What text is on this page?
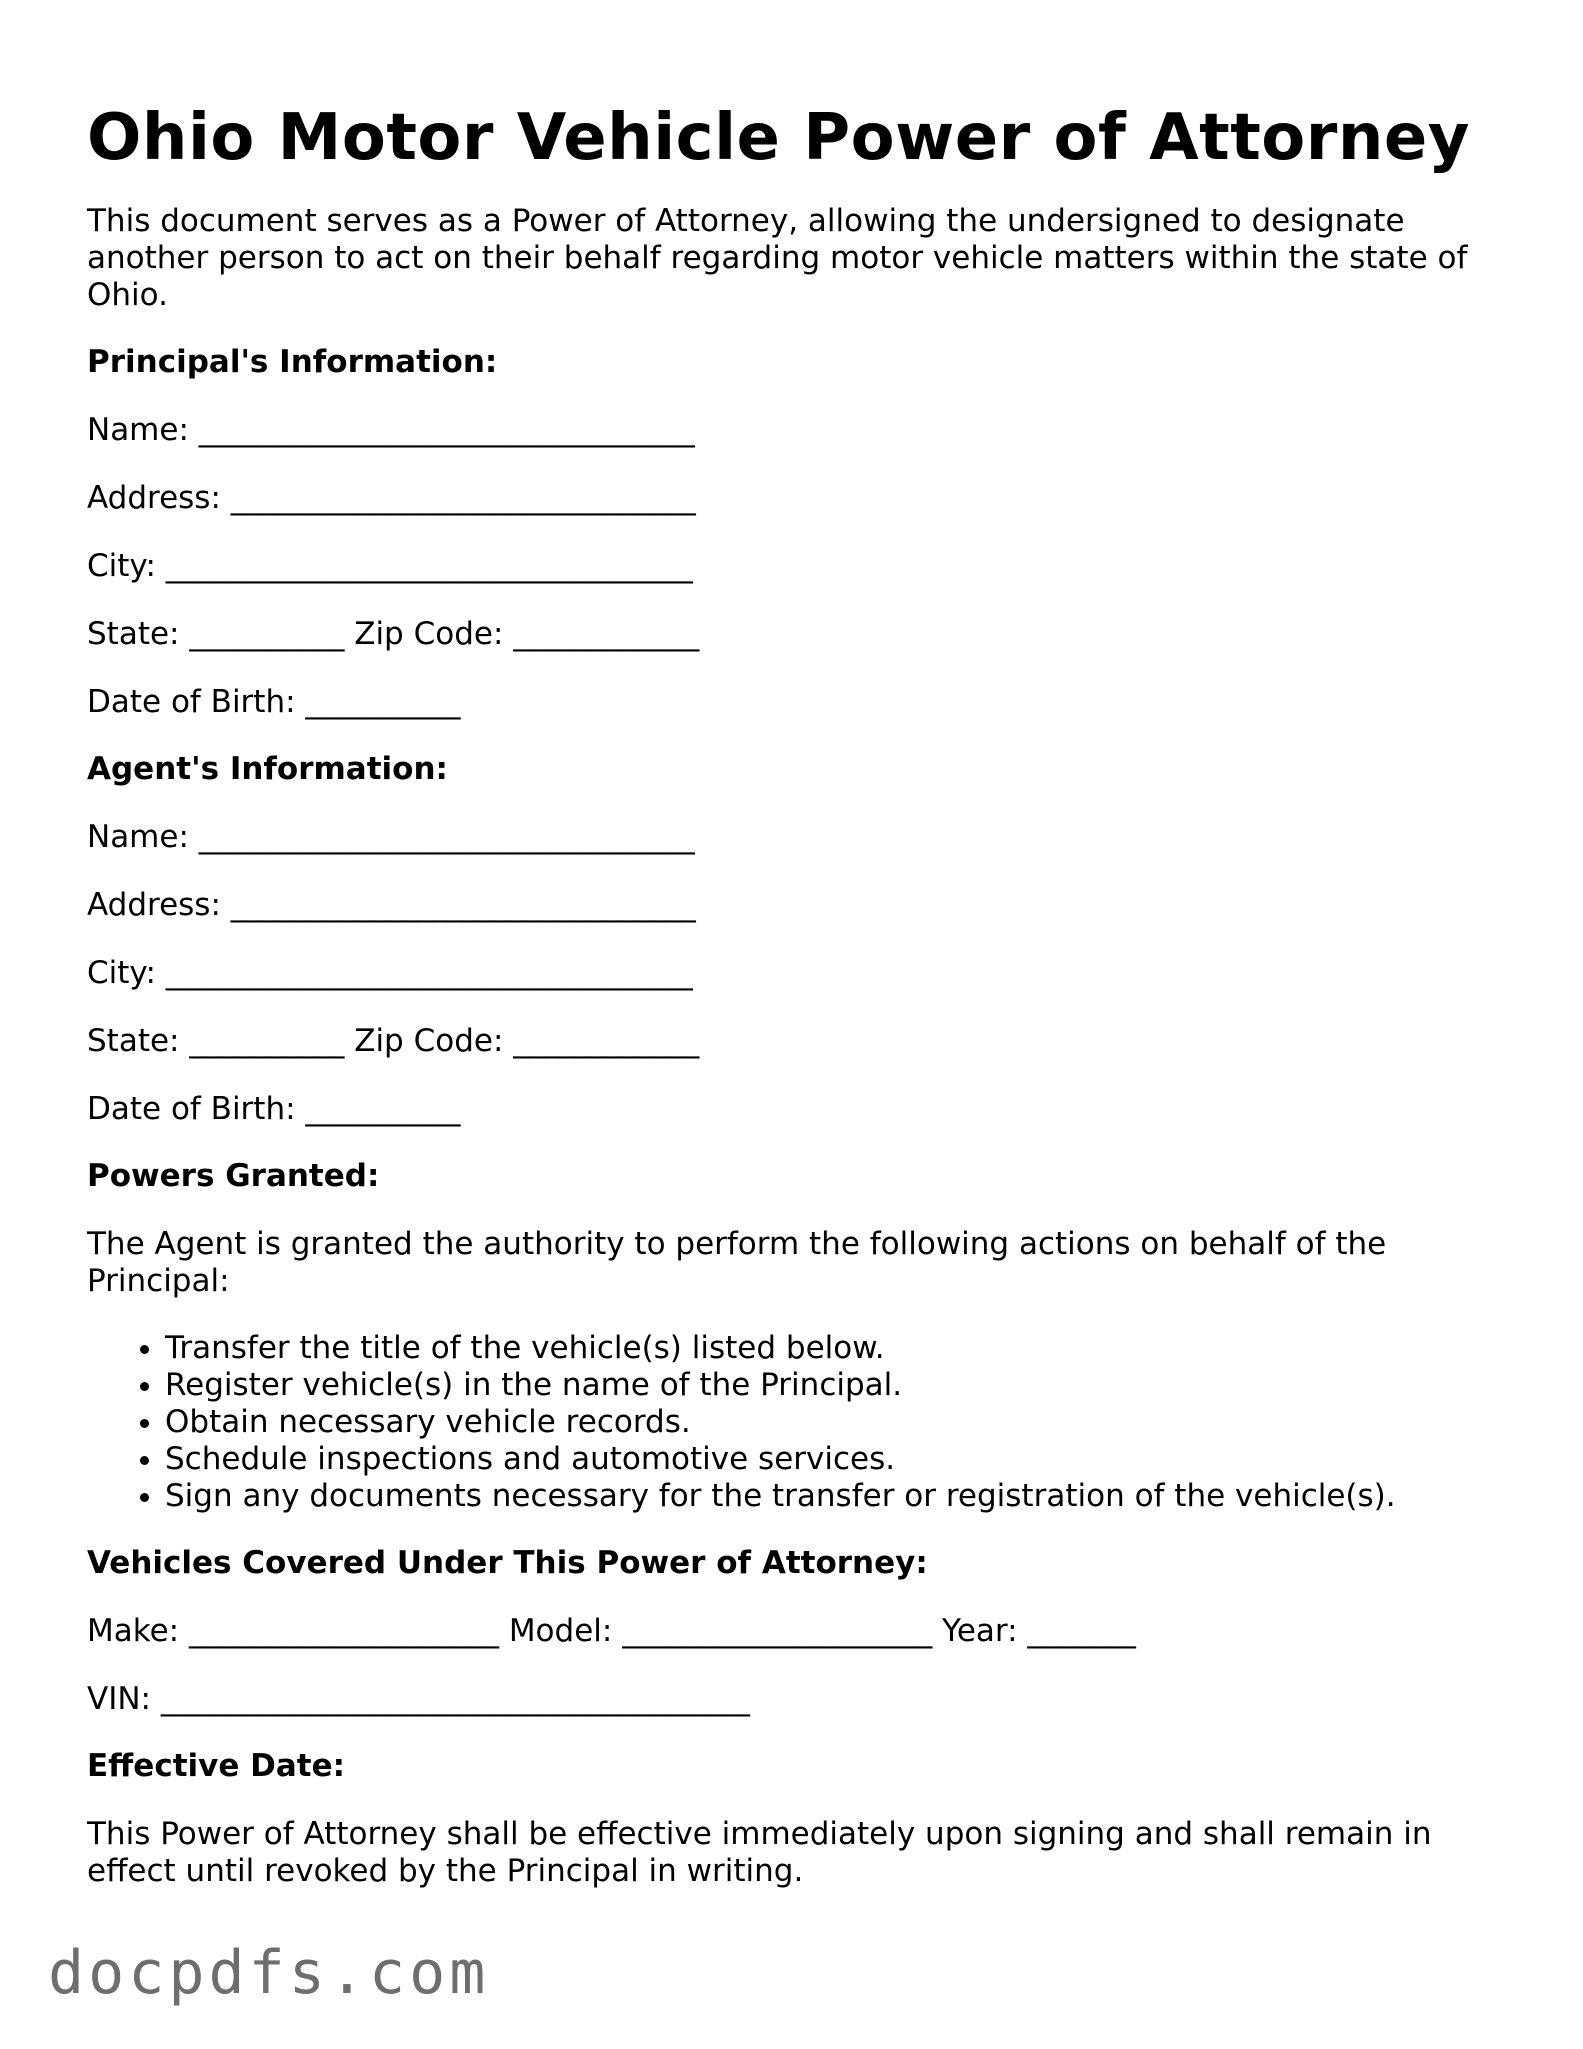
Ohio Motor Vehicle Power of Attorney

This document serves as a Power of Attorney, allowing the undersigned to designate another person to act on their behalf regarding motor vehicle matters within the state of Ohio.

Principal's Information:

Name: ________________________________

Address: ______________________________

City: __________________________________

State: __________ Zip Code: ____________

Date of Birth: __________

Agent's Information:

Name: ________________________________

Address: ______________________________

City: __________________________________

State: __________ Zip Code: ____________

Date of Birth: __________

Powers Granted:

The Agent is granted the authority to perform the following actions on behalf of the Principal:

• Transfer the title of the vehicle(s) listed below.
• Register vehicle(s) in the name of the Principal.
• Obtain necessary vehicle records.
• Schedule inspections and automotive services.
• Sign any documents necessary for the transfer or registration of the vehicle(s).

Vehicles Covered Under This Power of Attorney:

Make: ____________________ Model: ____________________ Year: _______

VIN: ______________________________________

Effective Date:

This Power of Attorney shall be effective immediately upon signing and shall remain in effect until revoked by the Principal in writing.

docpdfs.com
